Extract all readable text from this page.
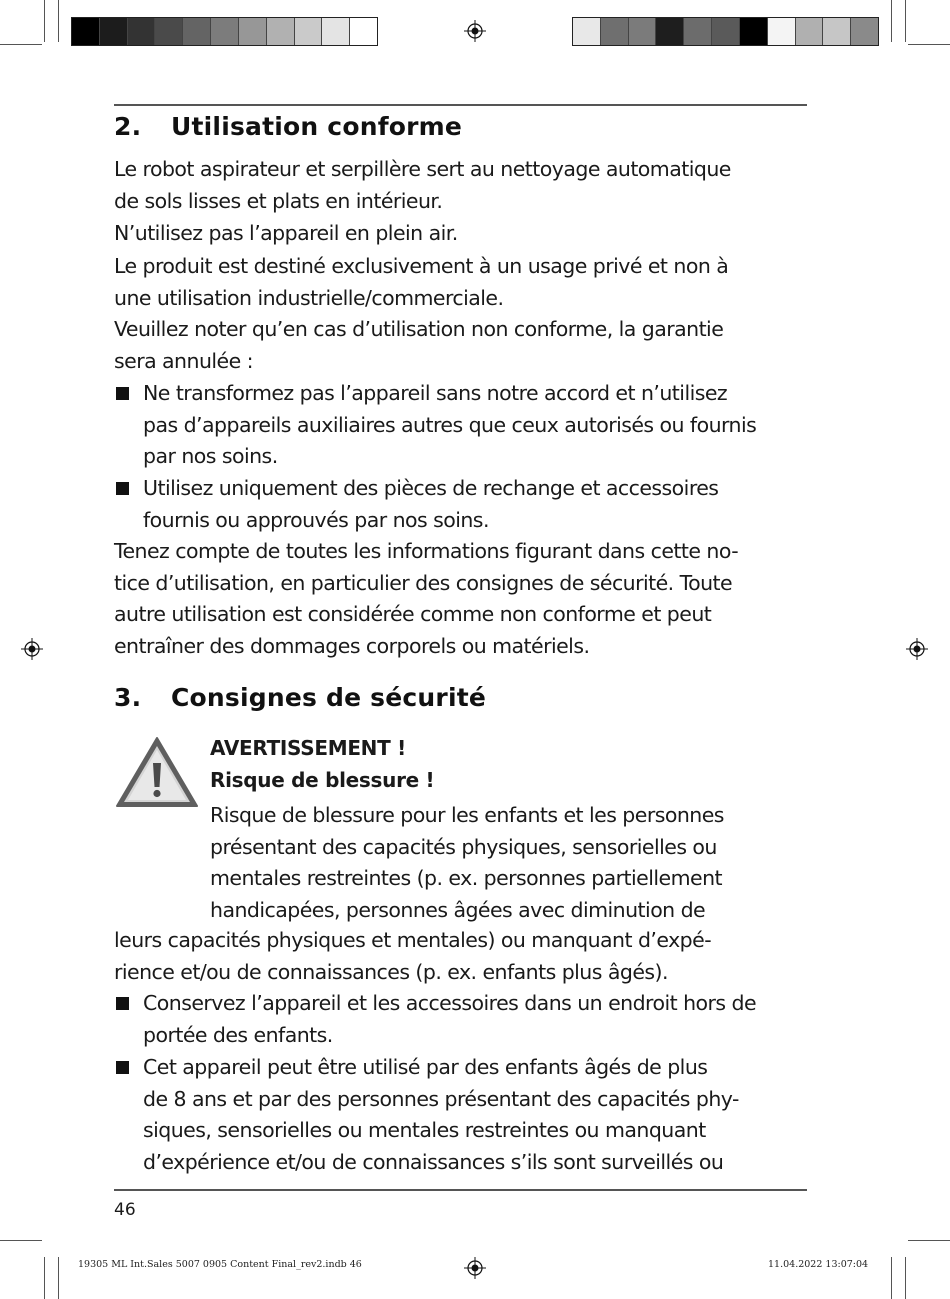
2. Utilisation conforme
Le robot aspirateur et serpillère sert au nettoyage automatique
de sols lisses et plats en intérieur.
N’utilisez pas l’appareil en plein air.
Le produit est destiné exclusivement à un usage privé et non à
une utilisation industrielle/commerciale.
Veuillez noter qu’en cas d’utilisation non conforme, la garantie
sera annulée :
Ne transformez pas l’appareil sans notre accord et n’utilisez
pas d’appareils auxiliaires autres que ceux autorisés ou fournis
par nos soins.
Utilisez uniquement des pièces de rechange et accessoires
fournis ou approuvés par nos soins.
Tenez compte de toutes les informations figurant dans cette no-
tice d’utilisation, en particulier des consignes de sécurité. Toute
autre utilisation est considérée comme non conforme et peut
entraîner des dommages corporels ou matériels.
3. Consignes de sécurité
AVERTISSEMENT !
Risque de blessure !
Risque de blessure pour les enfants et les personnes
présentant des capacités physiques, sensorielles ou
mentales restreintes (p. ex. personnes partiellement
handicapées, personnes âgées avec diminution de
leurs capacités physiques et mentales) ou manquant d’expé-
rience et/ou de connaissances (p. ex. enfants plus âgés).
Conservez l’appareil et les accessoires dans un endroit hors de
portée des enfants.
Cet appareil peut être utilisé par des enfants âgés de plus
de 8 ans et par des personnes présentant des capacités phy-
siques, sensorielles ou mentales restreintes ou manquant
d’expérience et/ou de connaissances s’ils sont surveillés ou
46
19305 ML Int.Sales 5007 0905 Content Final_rev2.indb 46	11.04.2022 13:07:04
